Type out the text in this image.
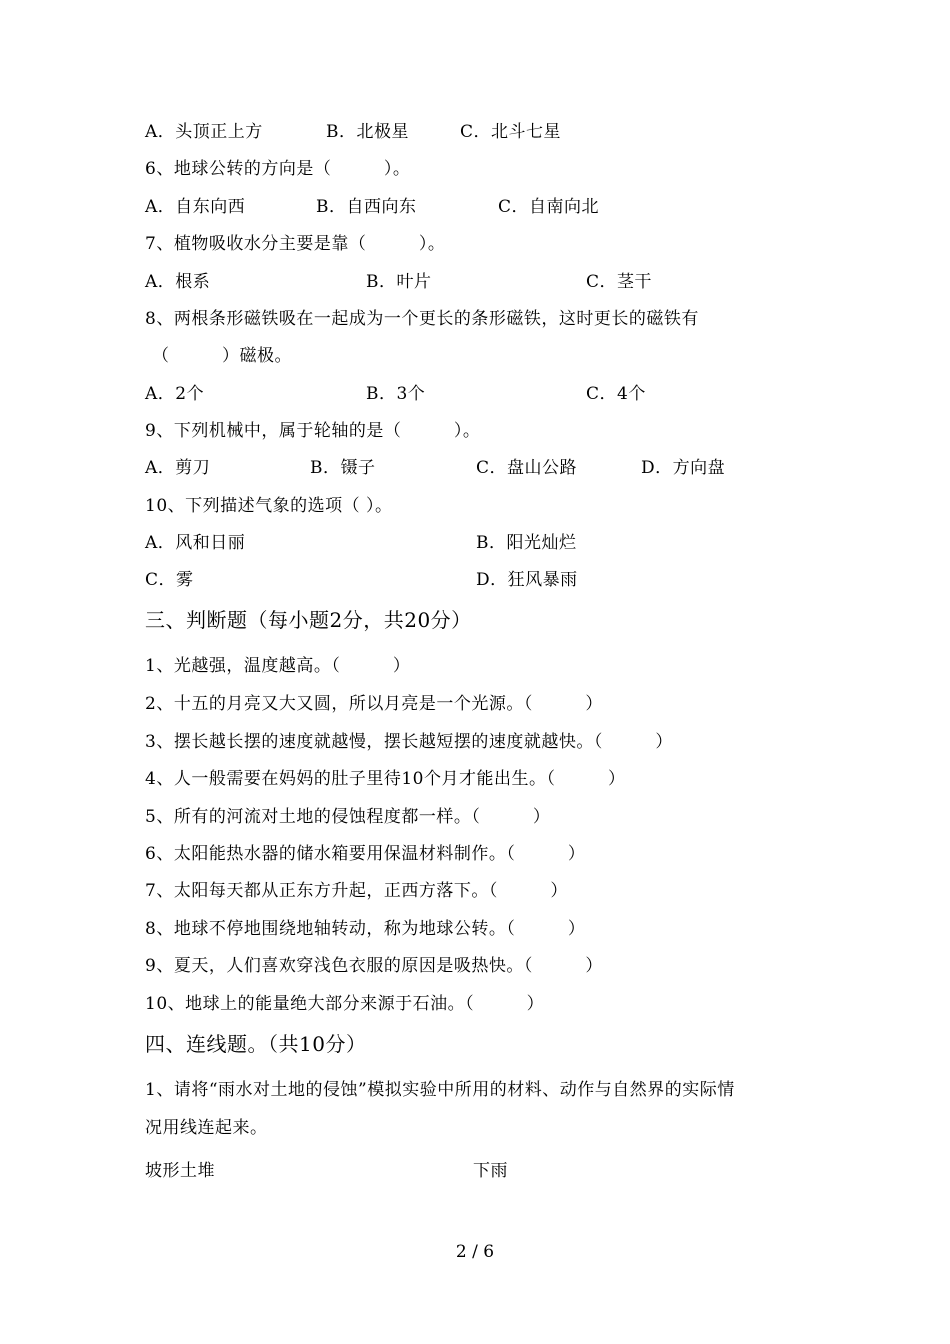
A．头顶正上方	B．北极星	C．北斗七星
6、地球公转的方向是（　　　）。
A．自东向西	B．自西向东	C．自南向北
7、植物吸收水分主要是靠（　　　）。
A．根系	B．叶片	C．茎干
8、两根条形磁铁吸在一起成为一个更长的条形磁铁，这时更长的磁铁有
（　　　）磁极。
A．2个	B．3个	C．4个
9、下列机械中，属于轮轴的是（　　　）。
A．剪刀	B．镊子	C．盘山公路	D．方向盘
10、下列描述气象的选项（ ）。
A．风和日丽	B．阳光灿烂
C．雾	D．狂风暴雨
三、判断题（每小题2分，共20分）
1、光越强，温度越高。（　　　）
2、十五的月亮又大又圆，所以月亮是一个光源。（　　　）
3、摆长越长摆的速度就越慢，摆长越短摆的速度就越快。（　　　）
4、人一般需要在妈妈的肚子里待10个月才能出生。（　　　）
5、所有的河流对土地的侵蚀程度都一样。（　　　）
6、太阳能热水器的储水箱要用保温材料制作。（　　　）
7、太阳每天都从正东方升起，正西方落下。（　　　）
8、地球不停地围绕地轴转动，称为地球公转。（　　　）
9、夏天，人们喜欢穿浅色衣服的原因是吸热快。（　　　）
10、地球上的能量绝大部分来源于石油。（　　　）
四、连线题。（共10分）
1、请将“雨水对土地的侵蚀”模拟实验中所用的材料、动作与自然界的实际情
况用线连起来。
坡形土堆	下雨
2 / 6
